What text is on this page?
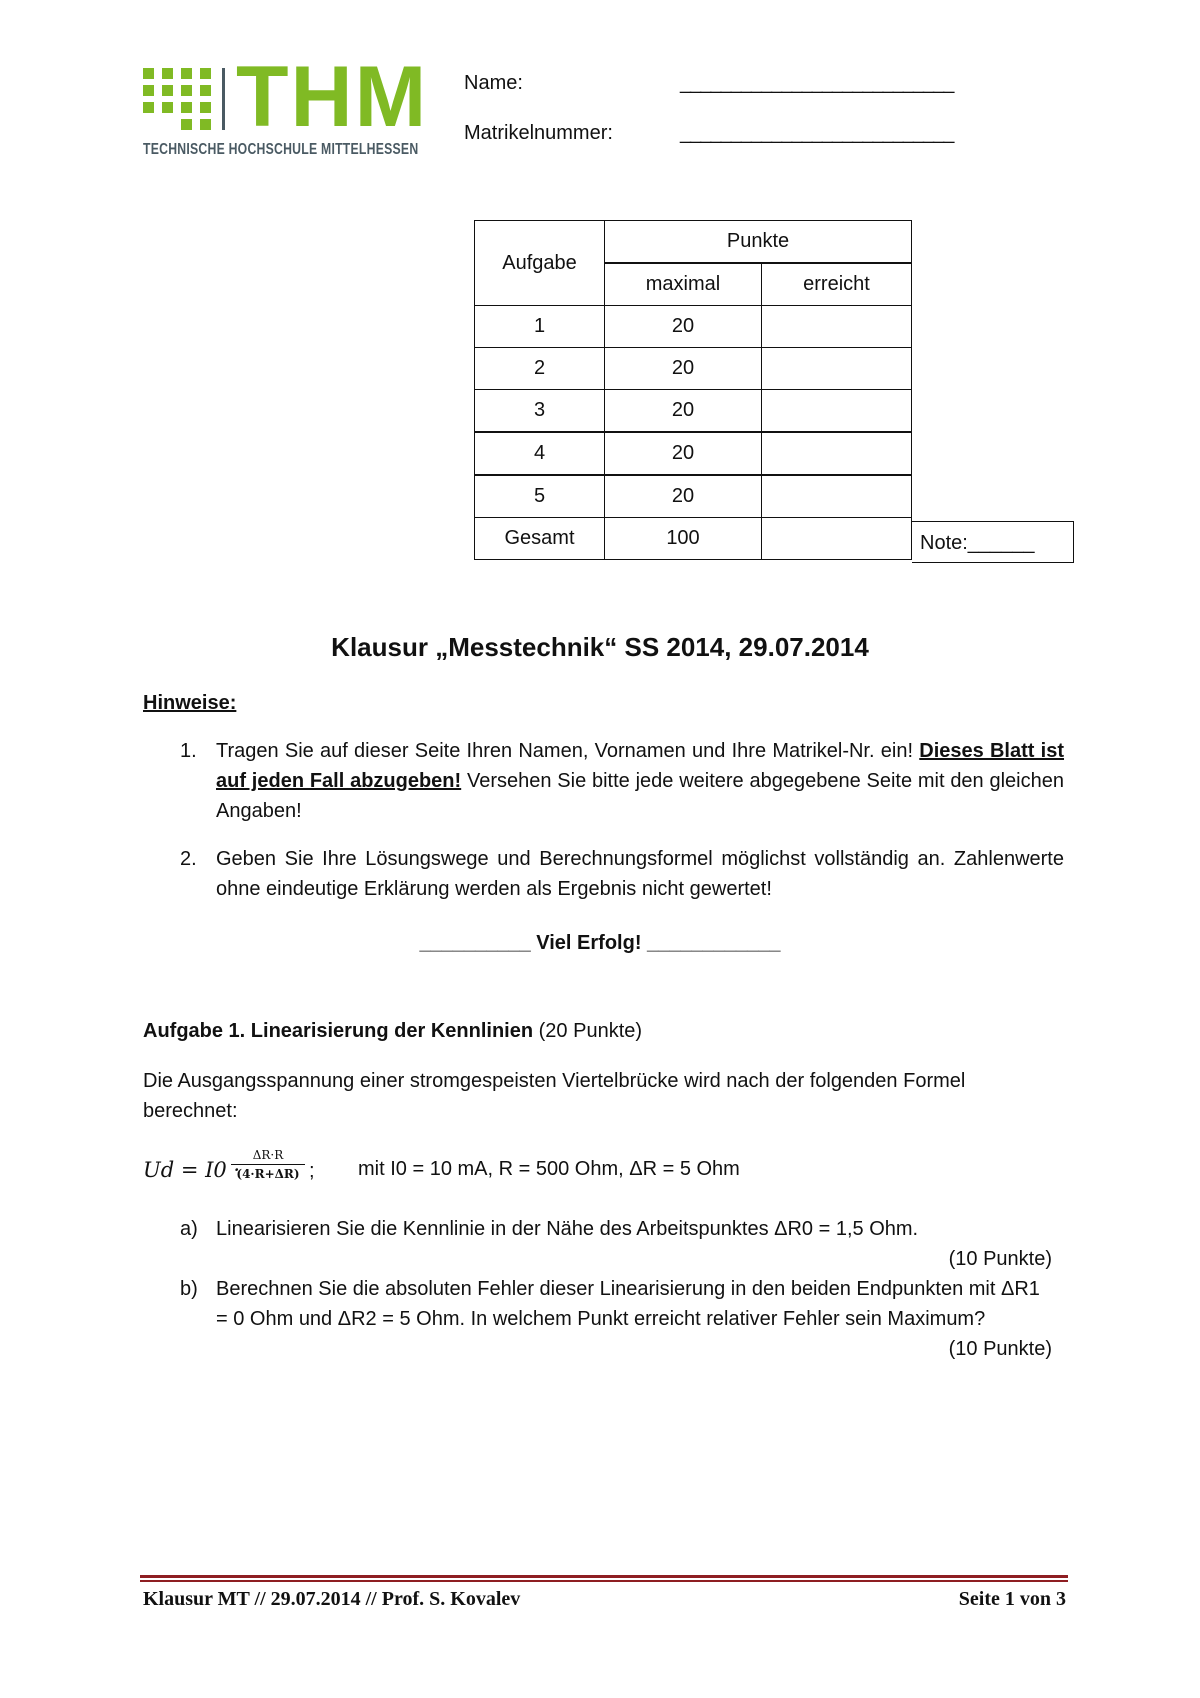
THM
TECHNISCHE HOCHSCHULE MITTELHESSEN
Name:	___________________________
Matrikelnummer:	___________________________
Aufgabe	Punkte	
	maximal	erreicht
1	20	
2	20	
3	20	
4	20	
5	20	
Gesamt	100		Note:______
Klausur „Messtechnik“ SS 2014, 29.07.2014
Hinweise:
1. Tragen Sie auf dieser Seite Ihren Namen, Vornamen und Ihre Matrikel-Nr. ein! Dieses Blatt ist auf jeden Fall abzugeben! Versehen Sie bitte jede weitere abgegebene Seite mit den gleichen Angaben!
2. Geben Sie Ihre Lösungswege und Berechnungsformel möglichst vollständig an. Zahlenwerte ohne eindeutige Erklärung werden als Ergebnis nicht gewertet!
__________ Viel Erfolg! ____________
Aufgabe 1. Linearisierung der Kennlinien (20 Punkte)
Die Ausgangsspannung einer stromgespeisten Viertelbrücke wird nach der folgenden Formel berechnet:
Ud = I0 ·
$\frac{\Delta R\cdot R}{(4\cdot R+\Delta R)}$ ; mit I0 = 10 mA, R = 500 Ohm, ΔR = 5 Ohm
a) Linearisieren Sie die Kennlinie in der Nähe des Arbeitspunktes ΔR0 = 1,5 Ohm.
(10 Punkte)
b) Berechnen Sie die absoluten Fehler dieser Linearisierung in den beiden Endpunkten mit ΔR1 = 0 Ohm und ΔR2 = 5 Ohm. In welchem Punkt erreicht relativer Fehler sein Maximum?
(10 Punkte)
Klausur MT // 29.07.2014 // Prof. S. Kovalev	Seite 1 von 3
